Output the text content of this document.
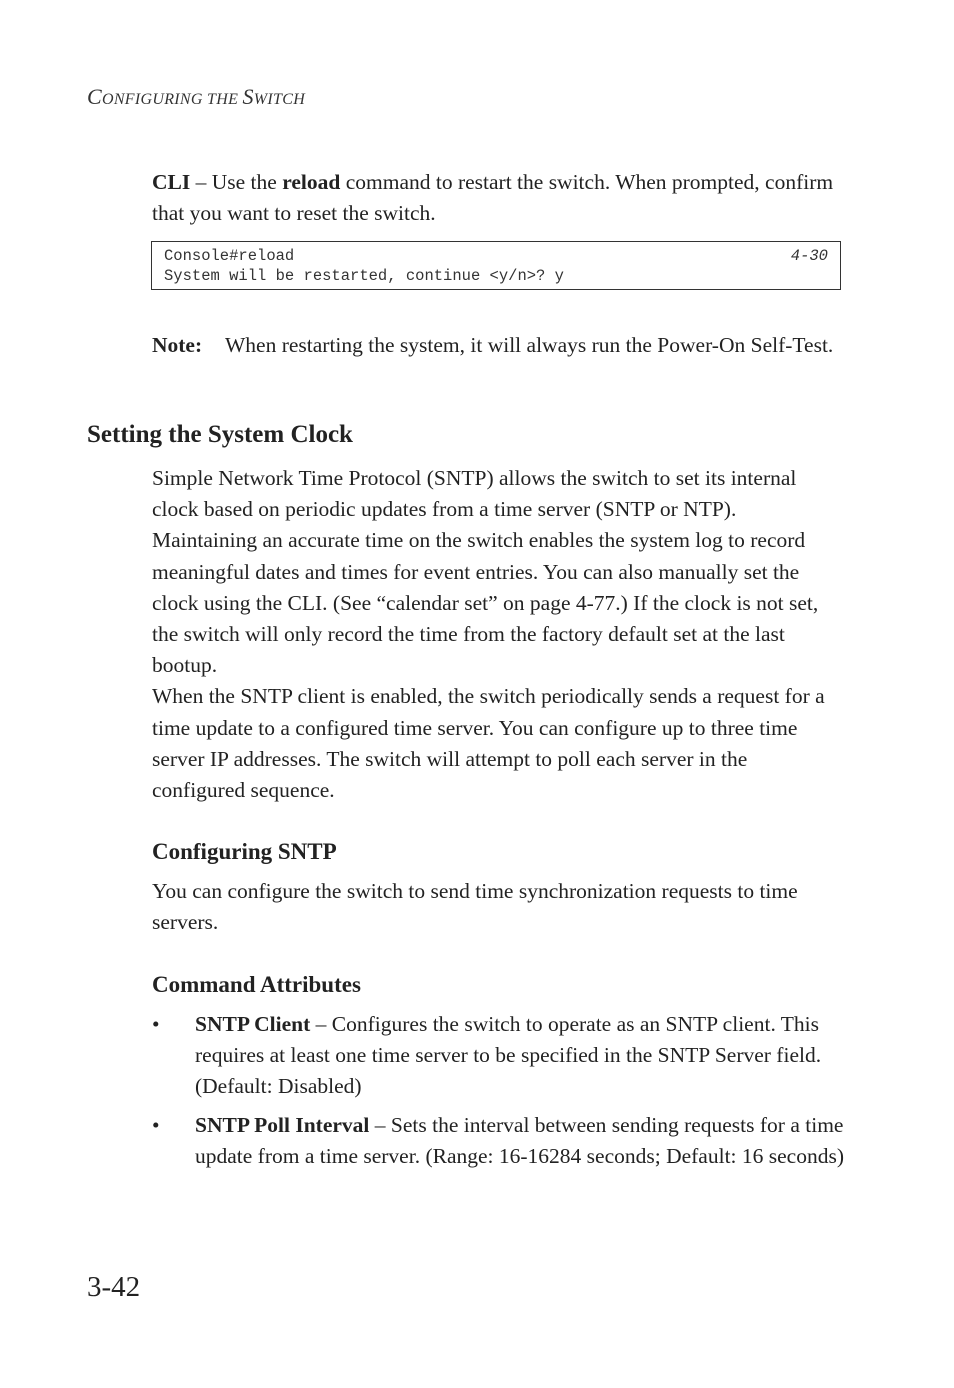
CONFIGURING THE SWITCH

CLI – Use the reload command to restart the switch. When prompted, confirm that you want to reset the switch.

Console#reload	4-30
System will be restarted, continue <y/n>? y
Note: When restarting the system, it will always run the Power-On Self-Test.
Setting the System Clock

Simple Network Time Protocol (SNTP) allows the switch to set its internal clock based on periodic updates from a time server (SNTP or NTP). Maintaining an accurate time on the switch enables the system log to record meaningful dates and times for event entries. You can also manually set the clock using the CLI. (See “calendar set” on page 4-77.) If the clock is not set, the switch will only record the time from the factory default set at the last bootup.

When the SNTP client is enabled, the switch periodically sends a request for a time update to a configured time server. You can configure up to three time server IP addresses. The switch will attempt to poll each server in the configured sequence.

Configuring SNTP

You can configure the switch to send time synchronization requests to time servers.

Command Attributes
• SNTP Client – Configures the switch to operate as an SNTP client. This requires at least one time server to be specified in the SNTP Server field. (Default: Disabled)
• SNTP Poll Interval – Sets the interval between sending requests for a time update from a time server. (Range: 16-16284 seconds; Default: 16 seconds)
3-42
